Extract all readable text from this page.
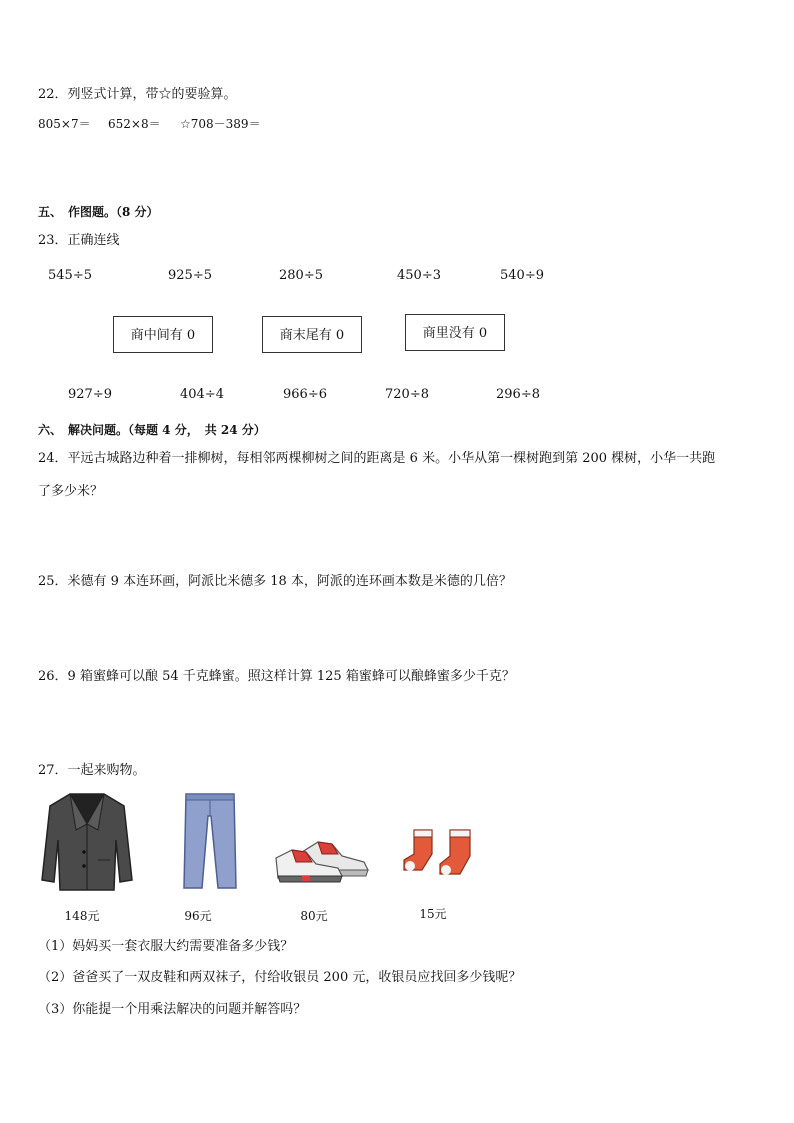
22．列竖式计算，带☆的要验算。
805×7＝ 652×8＝ ☆708－389＝
五、　作图题。（8 分）
23．正确连线
545÷5	925÷5	280÷5	450÷3	540÷9
商中间有 0	商末尾有 0	商里没有 0
927÷9	404÷4	966÷6	720÷8	296÷8
六、　解决问题。（每题 4 分，　共 24 分）
24．平远古城路边种着一排柳树，每相邻两棵柳树之间的距离是 6 米。小华从第一棵树跑到第 200 棵树，小华一共跑
了多少米？
25．米德有 9 本连环画，阿派比米德多 18 本，阿派的连环画本数是米德的几倍？
26．9 箱蜜蜂可以酿 54 千克蜂蜜。照这样计算 125 箱蜜蜂可以酿蜂蜜多少千克？
27．一起来购物。
148元	96元	80元	15元
（1）妈妈买一套衣服大约需要准备多少钱？
（2）爸爸买了一双皮鞋和两双袜子，付给收银员 200 元，收银员应找回多少钱呢？
（3）你能提一个用乘法解决的问题并解答吗？
